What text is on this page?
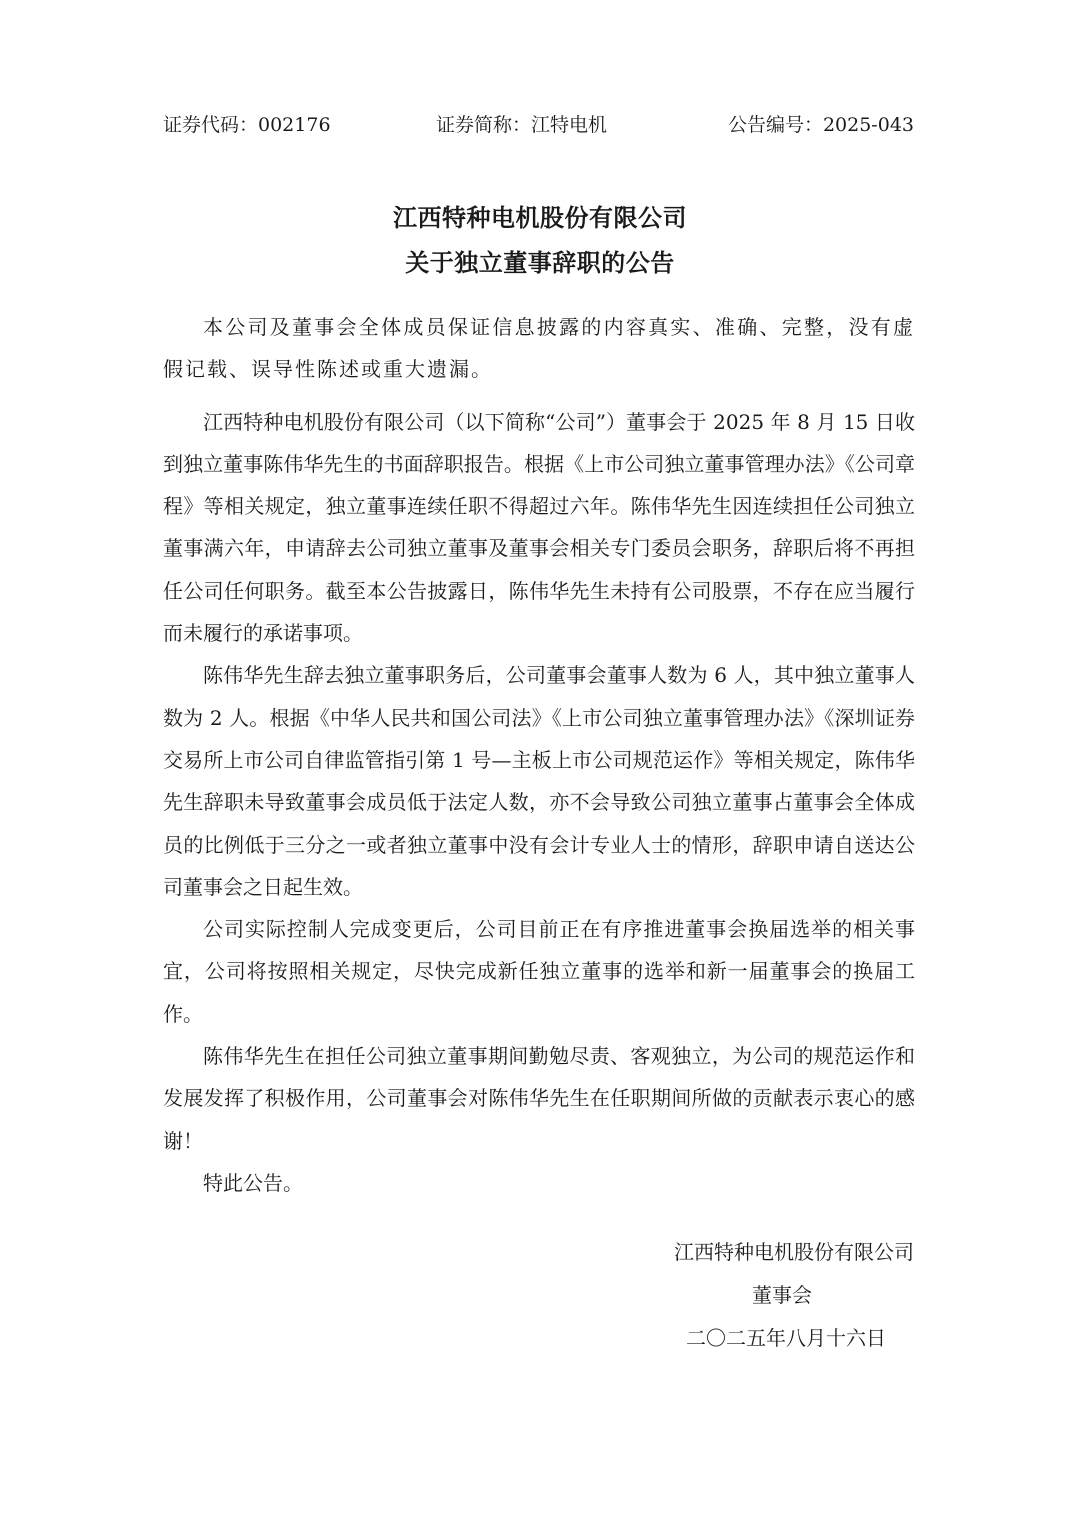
证券代码：002176	证券简称：江特电机	公告编号：2025-043
江西特种电机股份有限公司
关于独立董事辞职的公告

本公司及董事会全体成员保证信息披露的内容真实、准确、完整，没有虚假记载、误导性陈述或重大遗漏。

江西特种电机股份有限公司（以下简称“公司”）董事会于 2025 年 8 月 15 日收到独立董事陈伟华先生的书面辞职报告。根据《上市公司独立董事管理办法》《公司章程》等相关规定，独立董事连续任职不得超过六年。陈伟华先生因连续担任公司独立董事满六年，申请辞去公司独立董事及董事会相关专门委员会职务，辞职后将不再担任公司任何职务。截至本公告披露日，陈伟华先生未持有公司股票，不存在应当履行而未履行的承诺事项。

陈伟华先生辞去独立董事职务后，公司董事会董事人数为 6 人，其中独立董事人数为 2 人。根据《中华人民共和国公司法》《上市公司独立董事管理办法》《深圳证券交易所上市公司自律监管指引第 1 号—主板上市公司规范运作》等相关规定，陈伟华先生辞职未导致董事会成员低于法定人数，亦不会导致公司独立董事占董事会全体成员的比例低于三分之一或者独立董事中没有会计专业人士的情形，辞职申请自送达公司董事会之日起生效。

公司实际控制人完成变更后，公司目前正在有序推进董事会换届选举的相关事宜，公司将按照相关规定，尽快完成新任独立董事的选举和新一届董事会的换届工作。

陈伟华先生在担任公司独立董事期间勤勉尽责、客观独立，为公司的规范运作和发展发挥了积极作用，公司董事会对陈伟华先生在任职期间所做的贡献表示衷心的感谢！

特此公告。

江西特种电机股份有限公司
董事会
二〇二五年八月十六日
